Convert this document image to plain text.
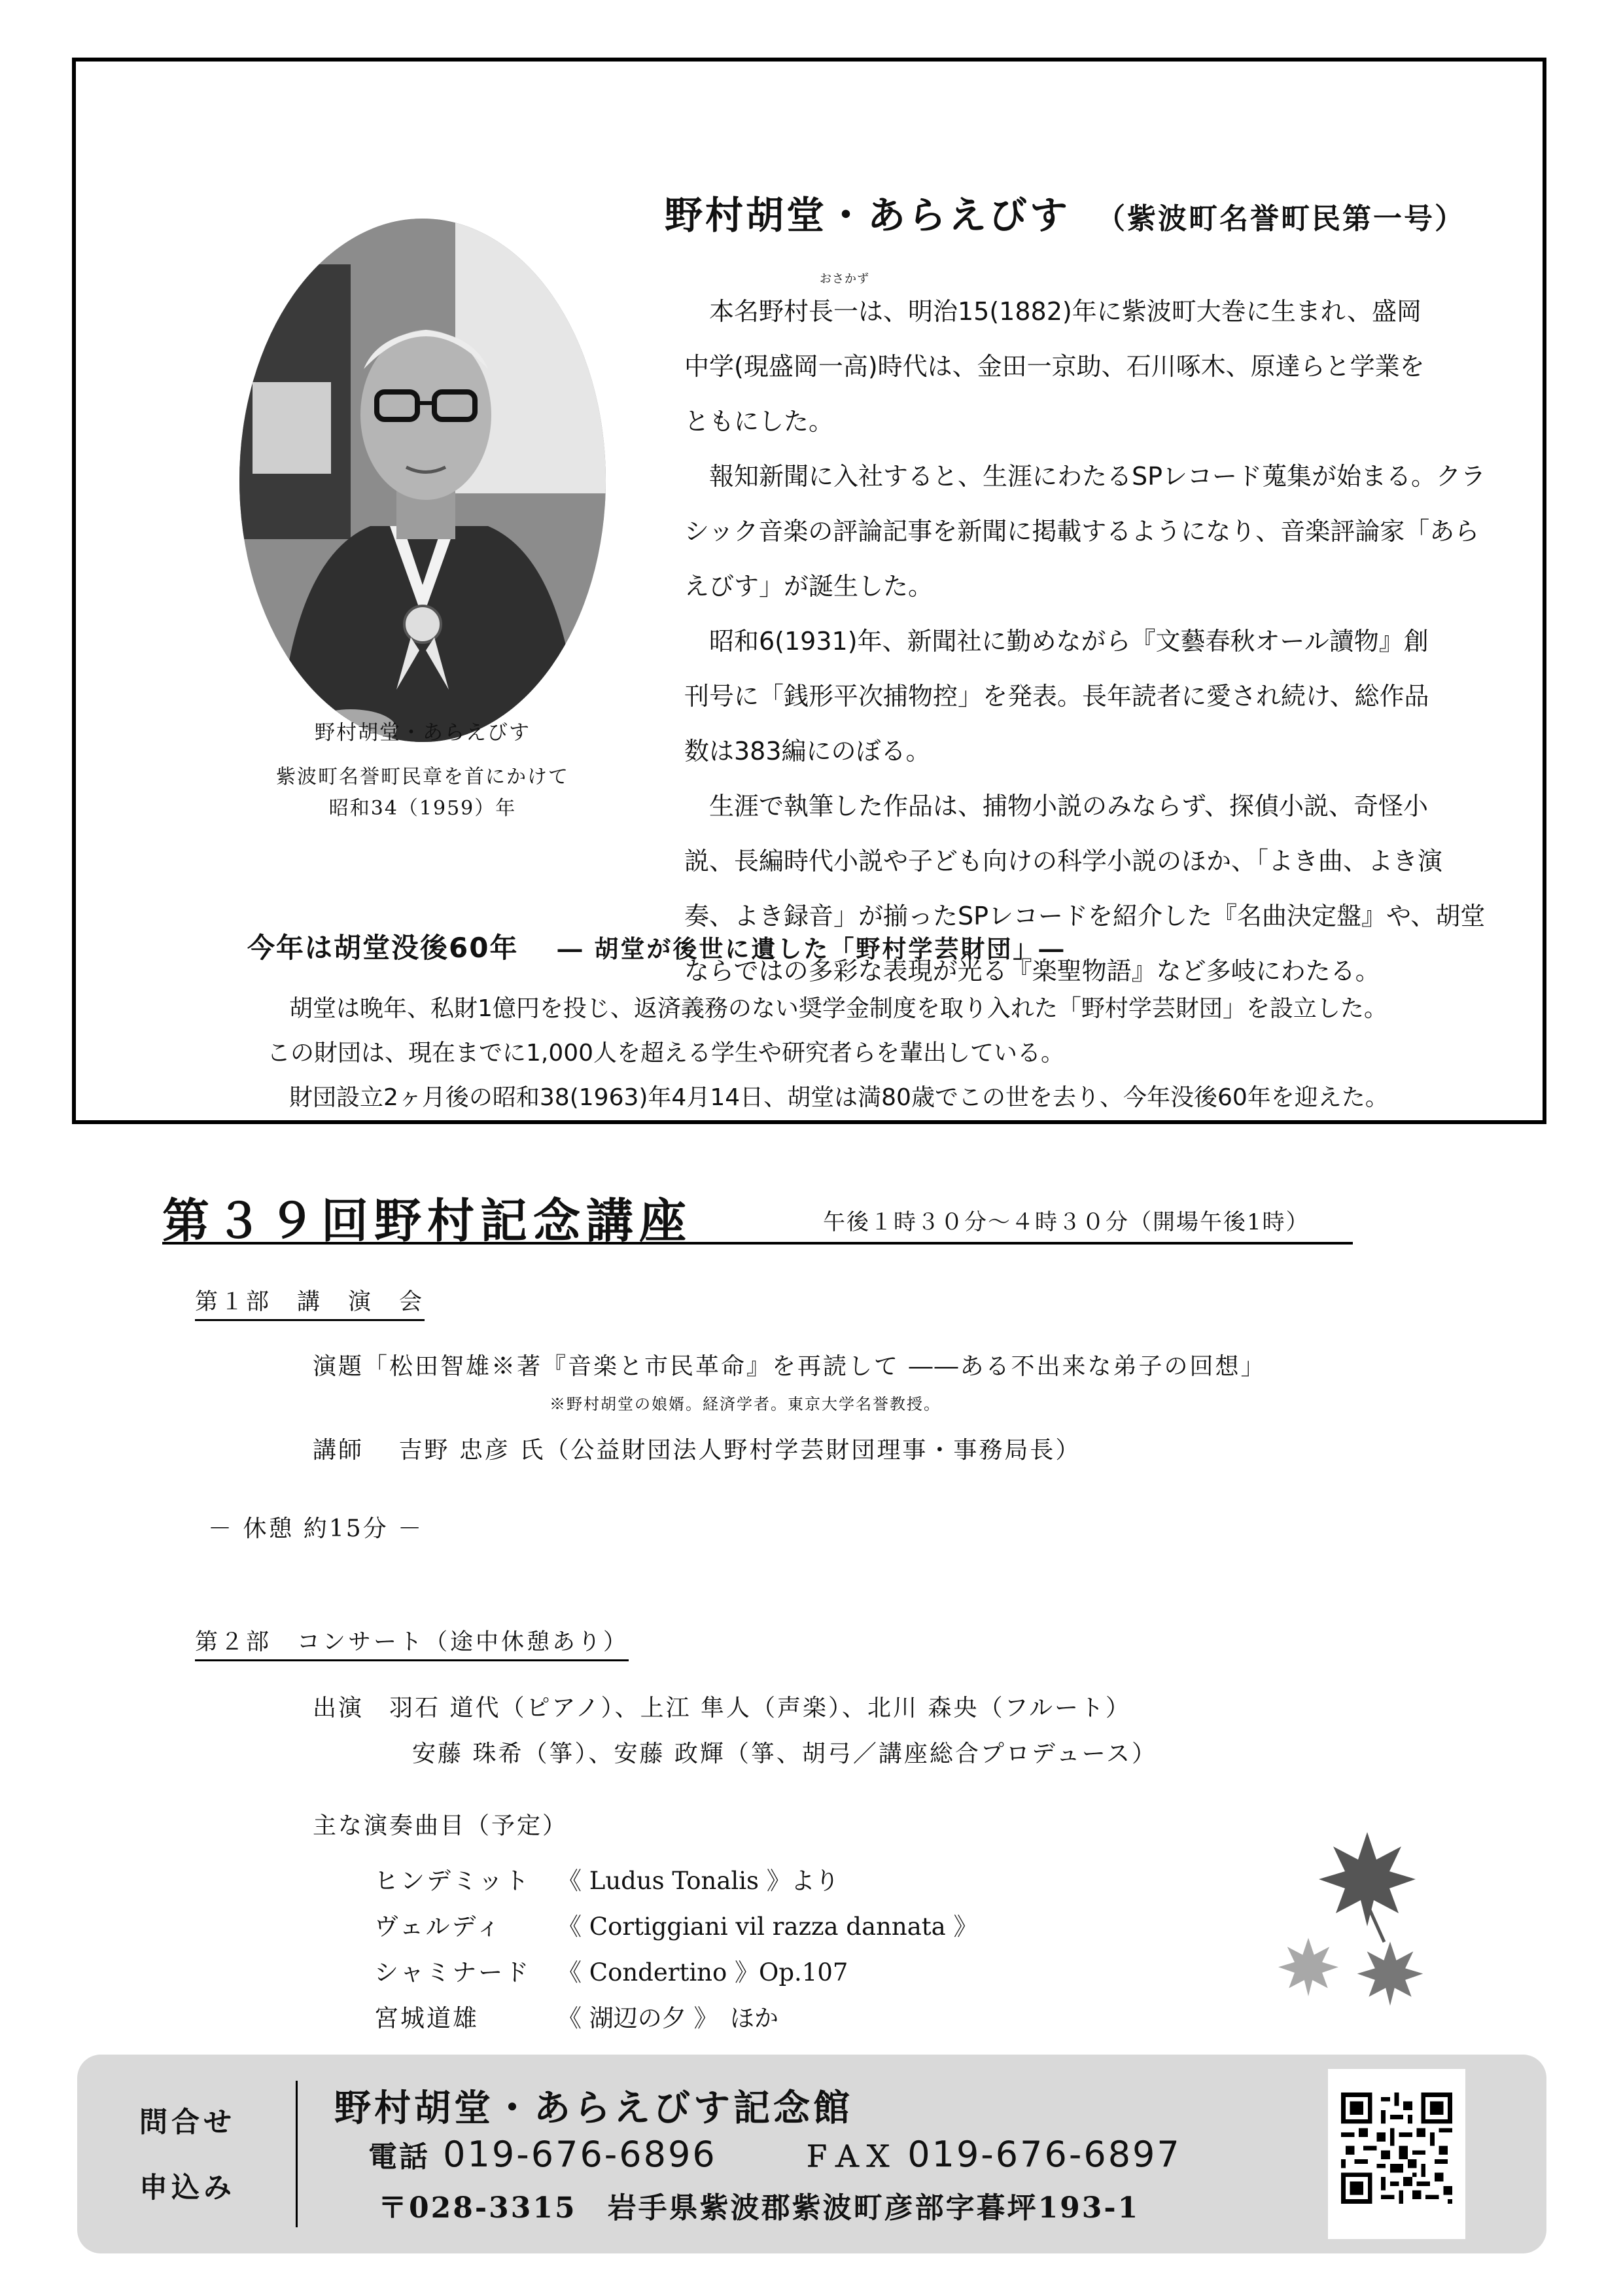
野村胡堂・あらえびす
紫波町名誉町民章を首にかけて
昭和34（1959）年
野村胡堂・あらえびす （紫波町名誉町民第一号）
おさかず

本名野村長一は、明治15(1882)年に紫波町大巻に生まれ、盛岡
中学(現盛岡一高)時代は、金田一京助、石川啄木、原達らと学業を
ともにした。

報知新聞に入社すると、生涯にわたるSPレコード蒐集が始まる。クラ
シック音楽の評論記事を新聞に掲載するようになり、音楽評論家「あら
えびす」が誕生した。

昭和6(1931)年、新聞社に勤めながら『文藝春秋オール讀物』創
刊号に「銭形平次捕物控」を発表。長年読者に愛され続け、総作品
数は383編にのぼる。

生涯で執筆した作品は、捕物小説のみならず、探偵小説、奇怪小
説、長編時代小説や子ども向けの科学小説のほか、「よき曲、よき演
奏、よき録音」が揃ったSPレコードを紹介した『名曲決定盤』や、胡堂
ならではの多彩な表現が光る『楽聖物語』など多岐にわたる。

今年は胡堂没後60年 ― 胡堂が後世に遺した「野村学芸財団」―
胡堂は晩年、私財1億円を投じ、返済義務のない奨学金制度を取り入れた「野村学芸財団」を設立した。
この財団は、現在までに1,000人を超える学生や研究者らを輩出している。
財団設立2ヶ月後の昭和38(1963)年4月14日、胡堂は満80歳でこの世を去り、今年没後60年を迎えた。
第３９回野村記念講座	午後１時３０分～４時３０分（開場午後1時）
第１部　講　演　会
演題「松田智雄※著『音楽と市民革命』を再読して ――ある不出来な弟子の回想」
※野村胡堂の娘婿。経済学者。東京大学名誉教授。
講師　 吉野 忠彦 氏（公益財団法人野村学芸財団理事・事務局長）
－ 休憩 約15分 －
第２部　コンサート（途中休憩あり）
出演　羽石 道代（ピアノ）、上江 隼人（声楽）、北川 森央（フルート）
安藤 珠希（箏）、安藤 政輝（箏、胡弓／講座総合プロデュース）
主な演奏曲目（予定）
ヒンデミット 《 Ludus Tonalis 》より
ヴェルディ 《 Cortiggiani vil razza dannata 》
シャミナード 《 Condertino 》Op.107
宮城道雄	《 湖辺の夕 》　ほか
問合せ
申込み
野村胡堂・あらえびす記念館
電話 019-676-6896	ＦＡＸ 019-676-6897
〒028-3315　岩手県紫波郡紫波町彦部字暮坪193-1
